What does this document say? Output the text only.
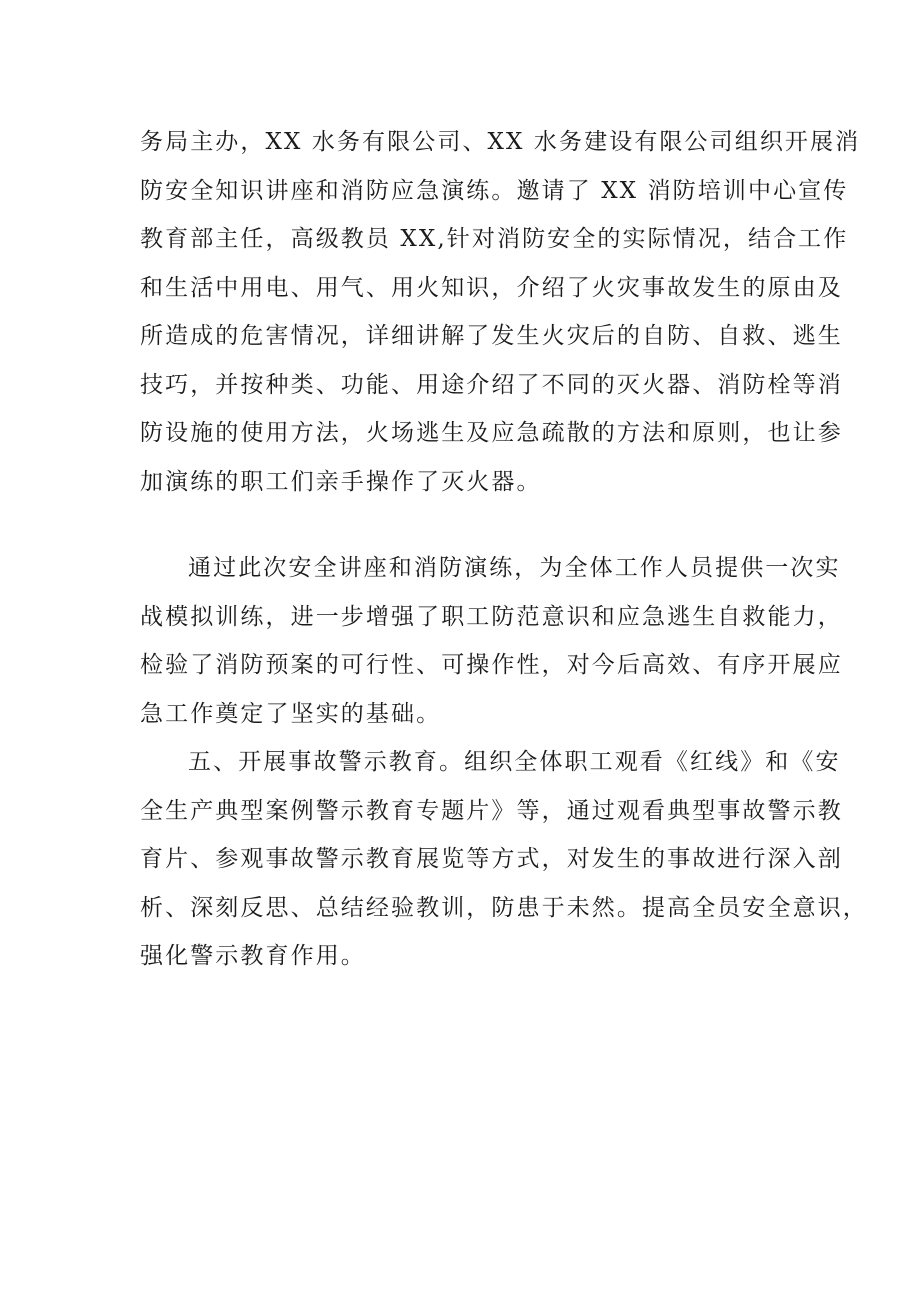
务局主办，XX 水务有限公司、XX 水务建设有限公司组织开展消
防安全知识讲座和消防应急演练。邀请了 XX 消防培训中心宣传
教育部主任，高级教员 XX,针对消防安全的实际情况，结合工作
和生活中用电、用气、用火知识，介绍了火灾事故发生的原由及
所造成的危害情况，详细讲解了发生火灾后的自防、自救、逃生
技巧，并按种类、功能、用途介绍了不同的灭火器、消防栓等消
防设施的使用方法，火场逃生及应急疏散的方法和原则，也让参
加演练的职工们亲手操作了灭火器。
通过此次安全讲座和消防演练，为全体工作人员提供一次实
战模拟训练，进一步增强了职工防范意识和应急逃生自救能力，
检验了消防预案的可行性、可操作性，对今后高效、有序开展应
急工作奠定了坚实的基础。
五、开展事故警示教育。组织全体职工观看《红线》和《安
全生产典型案例警示教育专题片》等，通过观看典型事故警示教
育片、参观事故警示教育展览等方式，对发生的事故进行深入剖
析、深刻反思、总结经验教训，防患于未然。提高全员安全意识，
强化警示教育作用。
